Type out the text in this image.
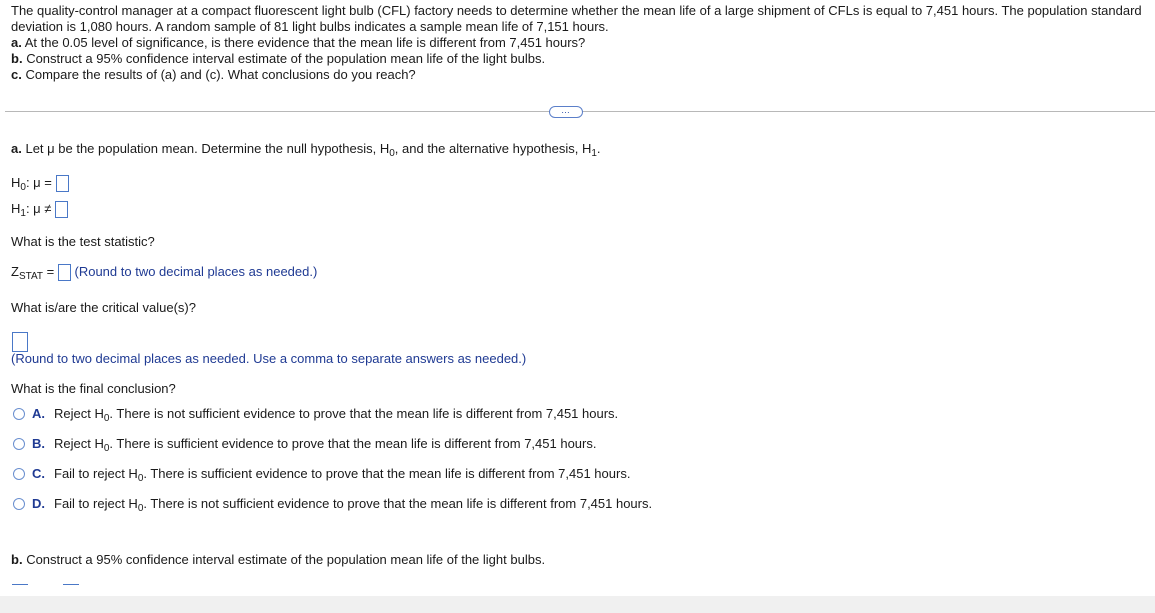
The quality-control manager at a compact fluorescent light bulb (CFL) factory needs to determine whether the mean life of a large shipment of CFLs is equal to 7,451 hours. The population standard
deviation is 1,080 hours. A random sample of 81 light bulbs indicates a sample mean life of 7,151 hours.
a. At the 0.05 level of significance, is there evidence that the mean life is different from 7,451 hours?
b. Construct a 95% confidence interval estimate of the population mean life of the light bulbs.
c. Compare the results of (a) and (c). What conclusions do you reach?
…
a. Let μ be the population mean. Determine the null hypothesis, $H_0$, and the alternative hypothesis, $H_1$.
$H_0$: μ =
$H_1$: μ ≠
What is the test statistic?
$Z_{STAT}$ = (Round to two decimal places as needed.)
What is/are the critical value(s)?
(Round to two decimal places as needed. Use a comma to separate answers as needed.)
What is the final conclusion?
A. Reject $H_0$. There is not sufficient evidence to prove that the mean life is different from 7,451 hours.
B. Reject $H_0$. There is sufficient evidence to prove that the mean life is different from 7,451 hours.
C. Fail to reject $H_0$. There is sufficient evidence to prove that the mean life is different from 7,451 hours.
D. Fail to reject $H_0$. There is not sufficient evidence to prove that the mean life is different from 7,451 hours.
b. Construct a 95% confidence interval estimate of the population mean life of the light bulbs.
